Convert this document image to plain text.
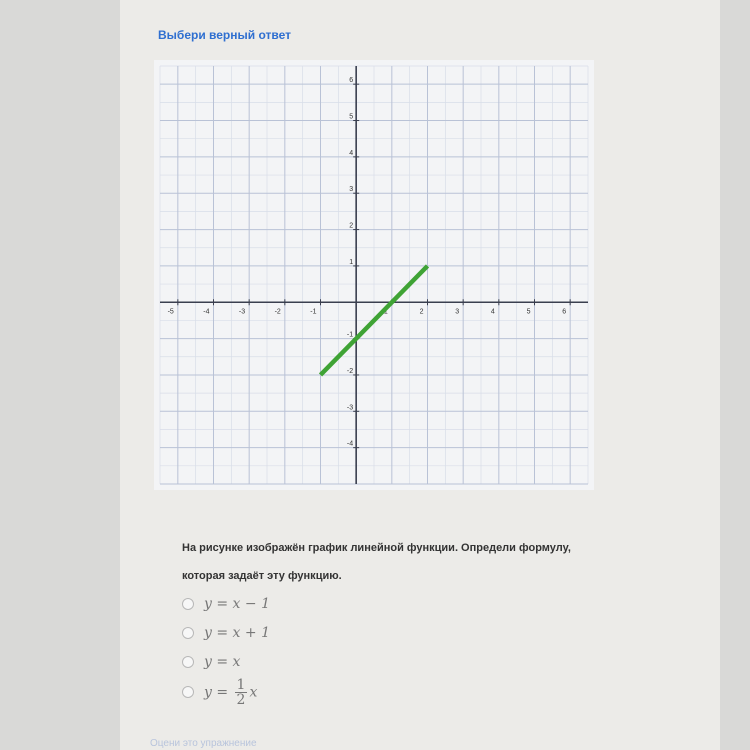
Выбери верный ответ
-5	-4	-3	-2	-1	1	2	3	4	5	6
6
5
4
3
2
1
-1
-2
-3
-4
На рисунке изображён график линейной функции. Определи формулу,
которая задаёт эту функцию.
y = x − 1
y = x + 1
y = x
$y = \frac{1}{2}$ x
Оцени это упражнение
